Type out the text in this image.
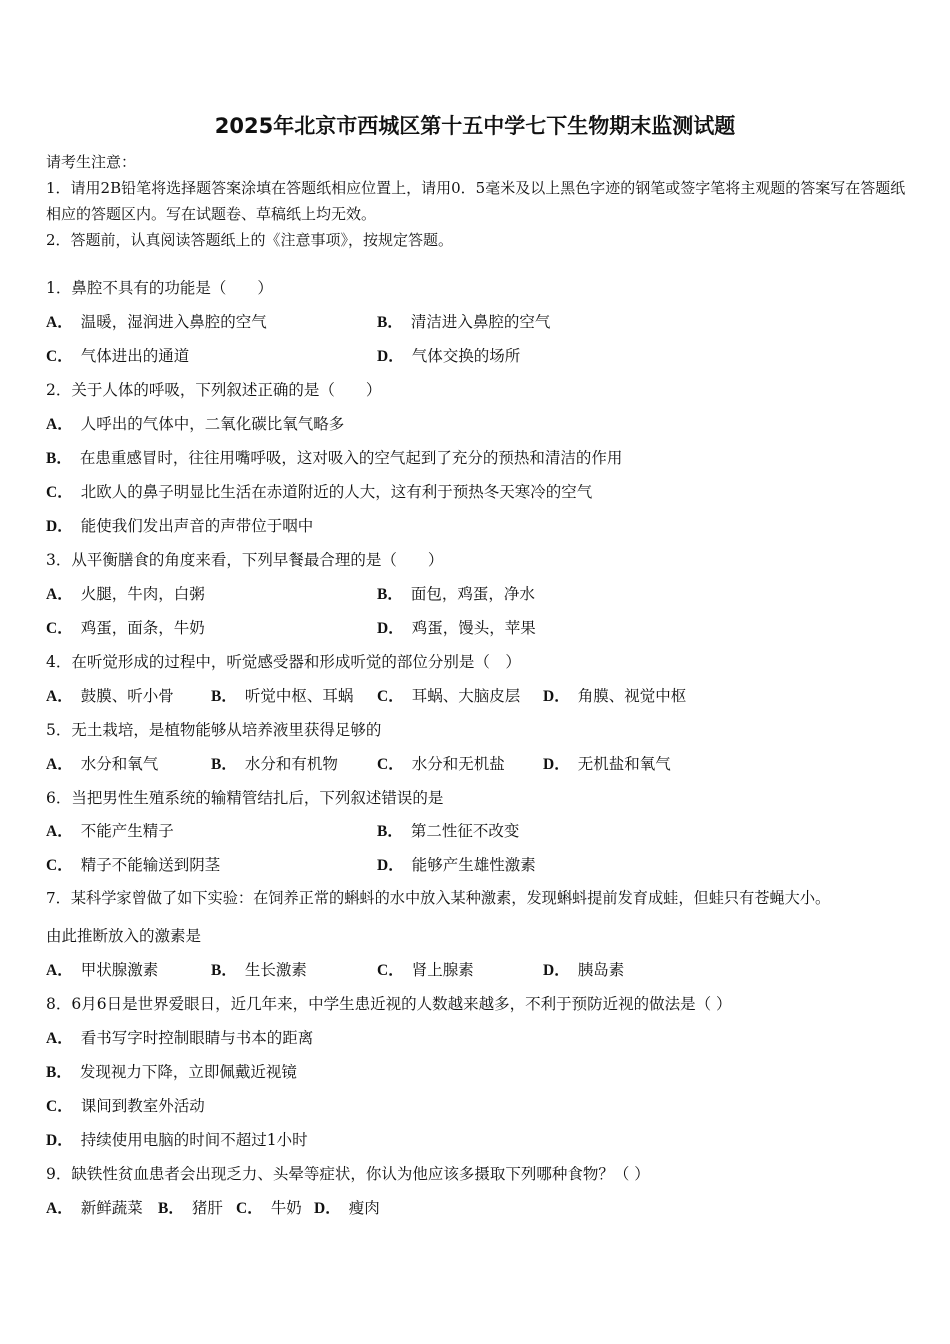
2025年北京市西城区第十五中学七下生物期末监测试题
请考生注意：
1．请用2B铅笔将选择题答案涂填在答题纸相应位置上，请用0．5毫米及以上黑色字迹的钢笔或签字笔将主观题的答案写在答题纸相应的答题区内。写在试题卷、草稿纸上均无效。
2．答题前，认真阅读答题纸上的《注意事项》，按规定答题。
1．鼻腔不具有的功能是（　　）
A． 温暖，湿润进入鼻腔的空气	B． 清洁进入鼻腔的空气
C． 气体进出的通道	D． 气体交换的场所
2．关于人体的呼吸，下列叙述正确的是（　　）
A． 人呼出的气体中，二氧化碳比氧气略多
B． 在患重感冒时，往往用嘴呼吸，这对吸入的空气起到了充分的预热和清洁的作用
C． 北欧人的鼻子明显比生活在赤道附近的人大，这有利于预热冬天寒冷的空气
D． 能使我们发出声音的声带位于咽中
3．从平衡膳食的角度来看，下列早餐最合理的是（　　）
A． 火腿，牛肉，白粥	B． 面包，鸡蛋，净水
C． 鸡蛋，面条，牛奶	D． 鸡蛋，馒头，苹果
4．在听觉形成的过程中，听觉感受器和形成听觉的部位分别是（　）
A． 鼓膜、听小骨 B． 听觉中枢、耳蜗 C． 耳蜗、大脑皮层 D． 角膜、视觉中枢
5．无土栽培，是植物能够从培养液里获得足够的
A． 水分和氧气	B． 水分和有机物	C． 水分和无机盐 D． 无机盐和氧气
6．当把男性生殖系统的输精管结扎后，下列叙述错误的是
A． 不能产生精子	B． 第二性征不改变
C． 精子不能输送到阴茎	D． 能够产生雄性激素
7．某科学家曾做了如下实验：在饲养正常的蝌蚪的水中放入某种激素，发现蝌蚪提前发育成蛙，但蛙只有苍蝇大小。
由此推断放入的激素是
A． 甲状腺激素	B． 生长激素	C． 肾上腺素	D． 胰岛素
8．6月6日是世界爱眼日，近几年来，中学生患近视的人数越来越多，不利于预防近视的做法是（ ）
A． 看书写字时控制眼睛与书本的距离
B． 发现视力下降，立即佩戴近视镜
C． 课间到教室外活动
D． 持续使用电脑的时间不超过1小时
9．缺铁性贫血患者会出现乏力、头晕等症状，你认为他应该多摄取下列哪种食物？（ ）
A． 新鲜蔬菜 B． 猪肝 C． 牛奶 D． 瘦肉
